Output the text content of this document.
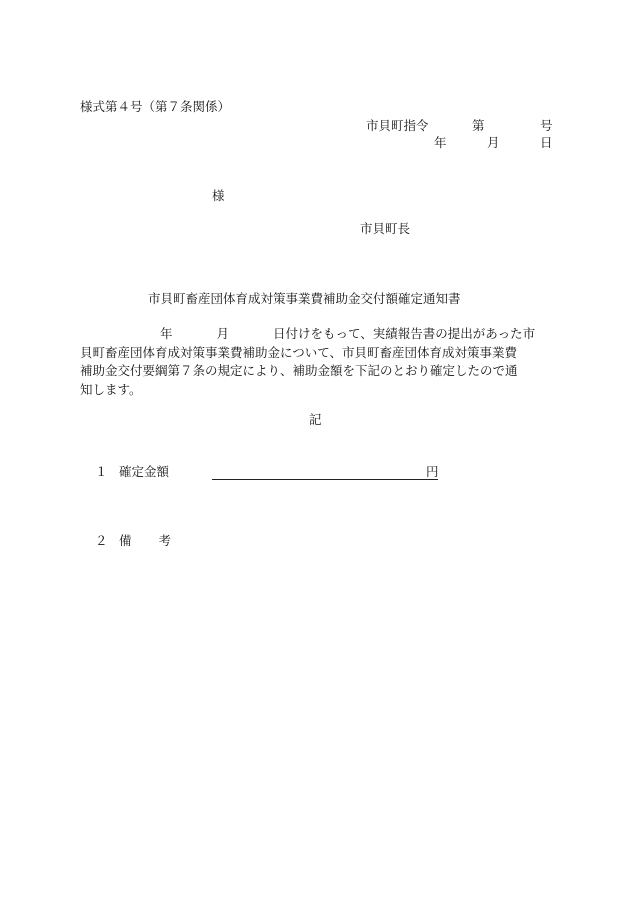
様式第４号（第７条関係）
市貝町指令	第	号
年	月	日
様
市貝町長
市貝町畜産団体育成対策事業費補助金交付額確定通知書
年	月	日付けをもって、実績報告書の提出があった市
貝町畜産団体育成対策事業費補助金について、市貝町畜産団体育成対策事業費
補助金交付要綱第７条の規定により、補助金額を下記のとおり確定したので通
知します。
記
１ 確定金額	円
２ 備考
